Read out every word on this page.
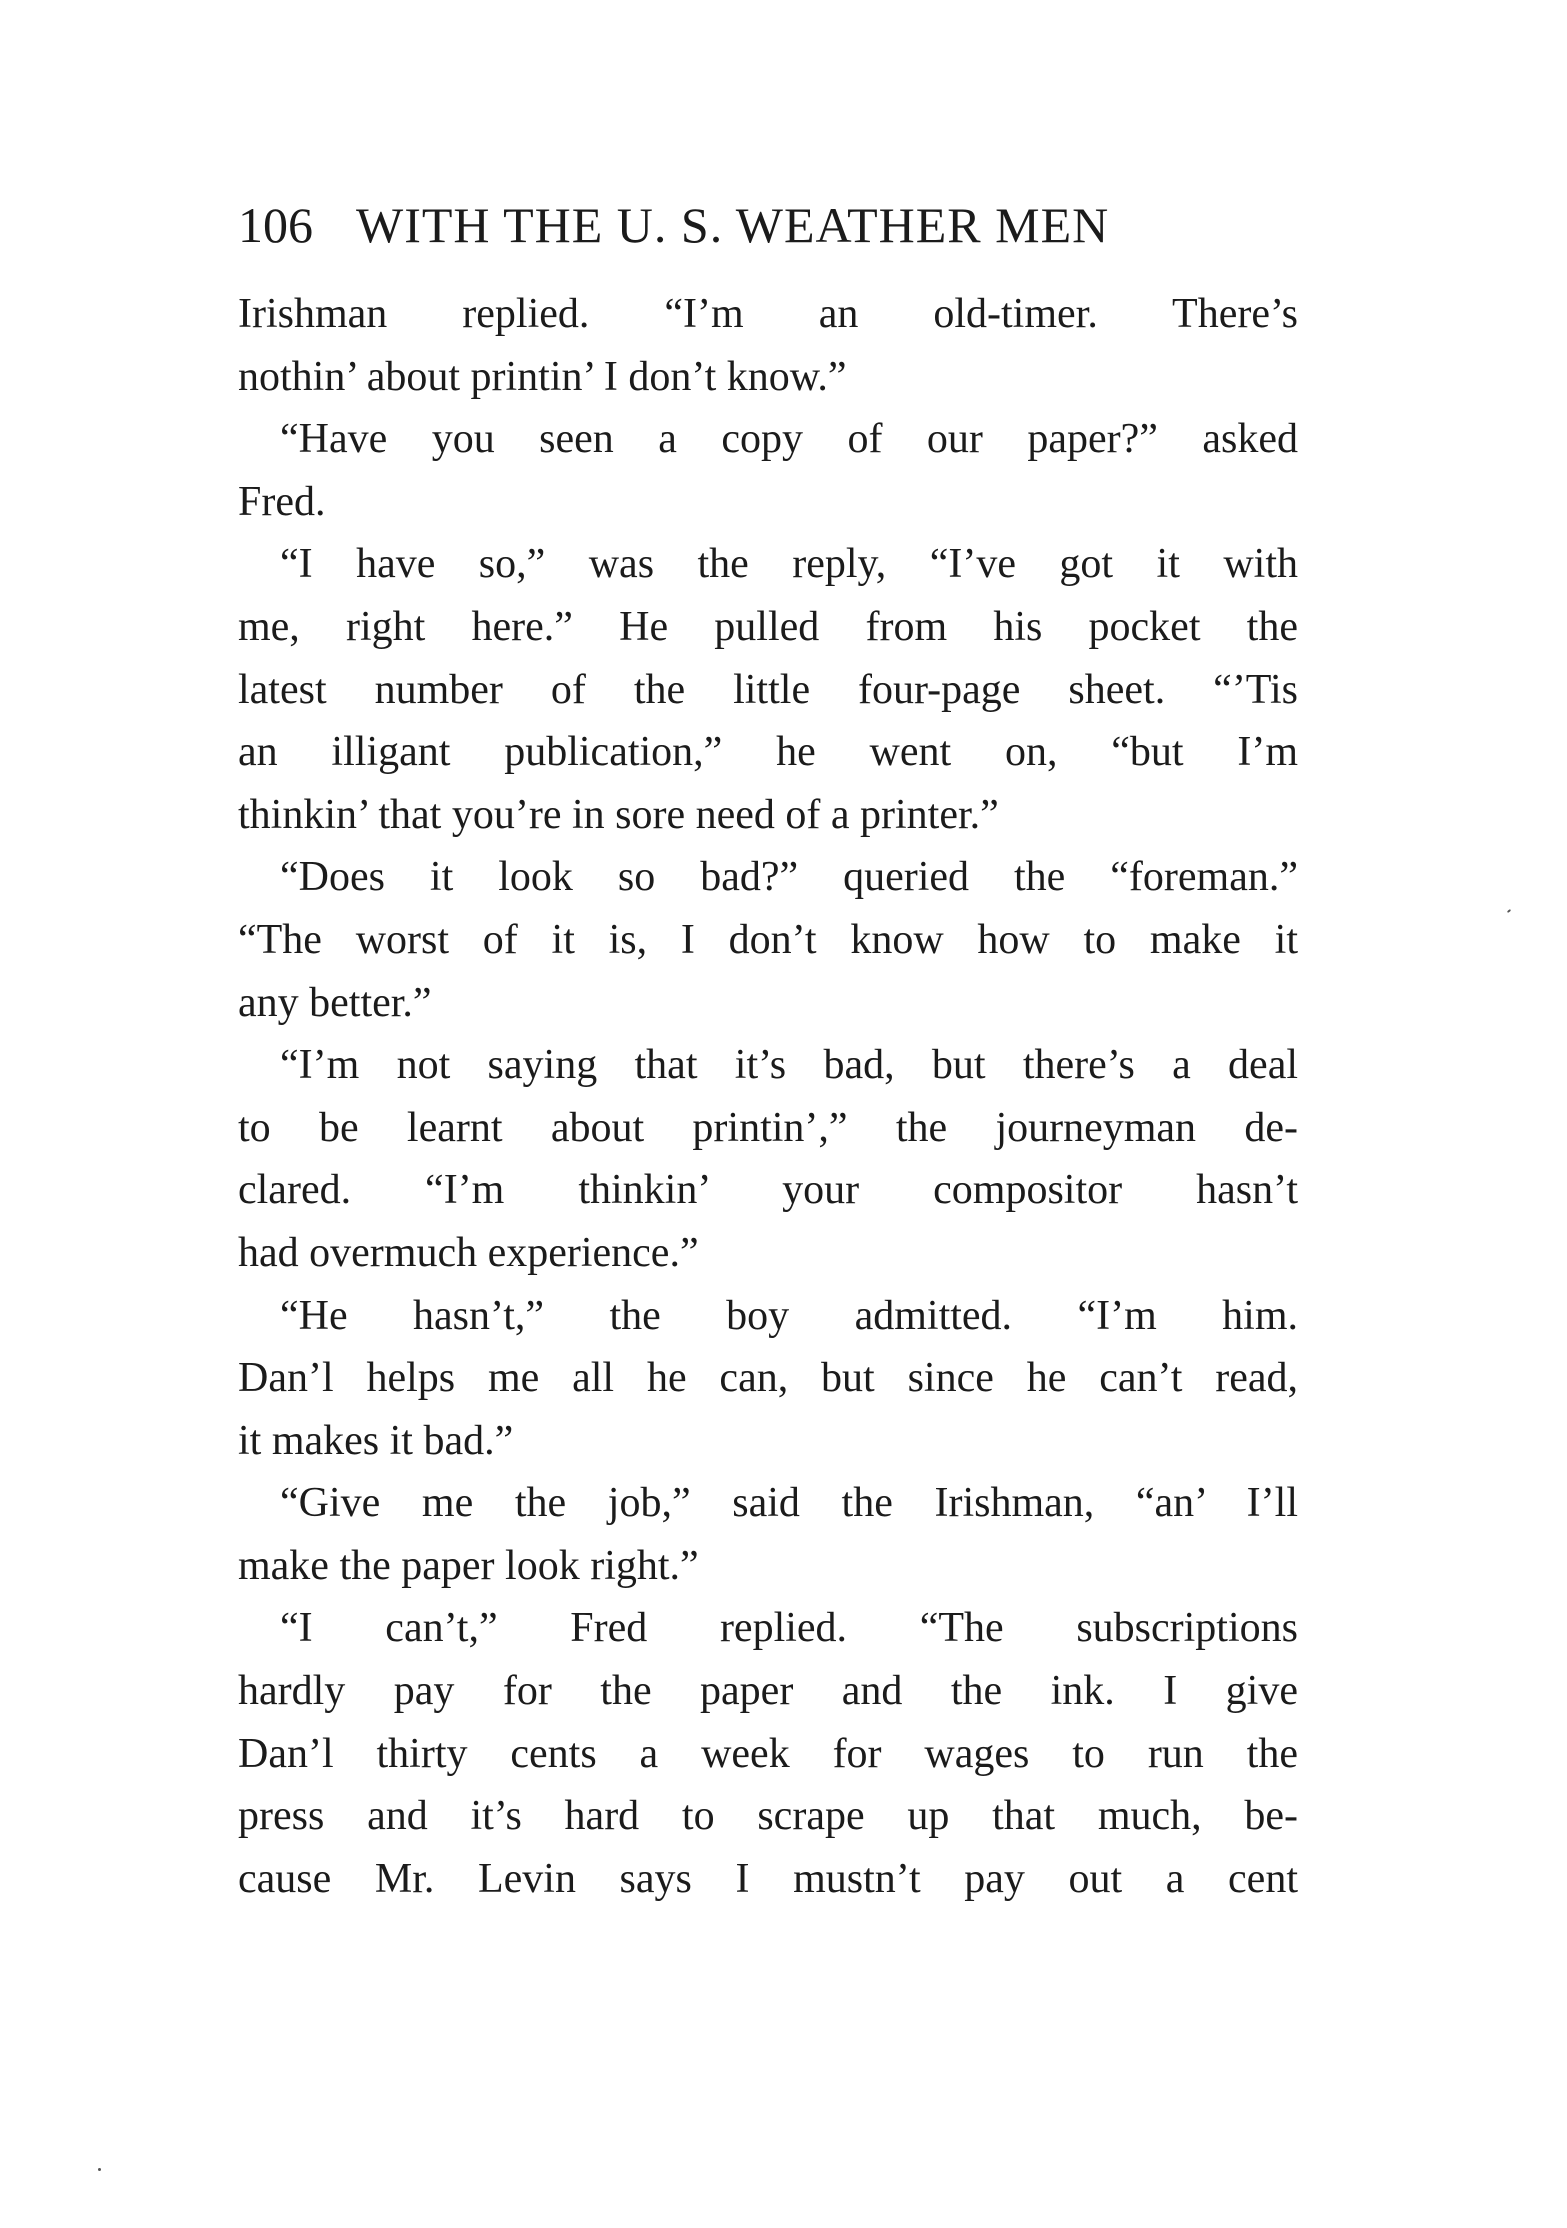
106 WITH THE U. S. WEATHER MEN
Irishman replied. “I’m an old-timer. There’s
nothin’ about printin’ I don’t know.”
“Have you seen a copy of our paper?” asked
Fred.
“I have so,” was the reply, “I’ve got it with
me, right here.” He pulled from his pocket the
latest number of the little four-page sheet. “’Tis
an illigant publication,” he went on, “but I’m
thinkin’ that you’re in sore need of a printer.”
“Does it look so bad?” queried the “foreman.”
“The worst of it is, I don’t know how to make it
any better.”
“I’m not saying that it’s bad, but there’s a deal
to be learnt about printin’,” the journeyman de-
clared. “I’m thinkin’ your compositor hasn’t
had overmuch experience.”
“He hasn’t,” the boy admitted. “I’m him.
Dan’l helps me all he can, but since he can’t read,
it makes it bad.”
“Give me the job,” said the Irishman, “an’ I’ll
make the paper look right.”
“I can’t,” Fred replied. “The subscriptions
hardly pay for the paper and the ink. I give
Dan’l thirty cents a week for wages to run the
press and it’s hard to scrape up that much, be-
cause Mr. Levin says I mustn’t pay out a cent
